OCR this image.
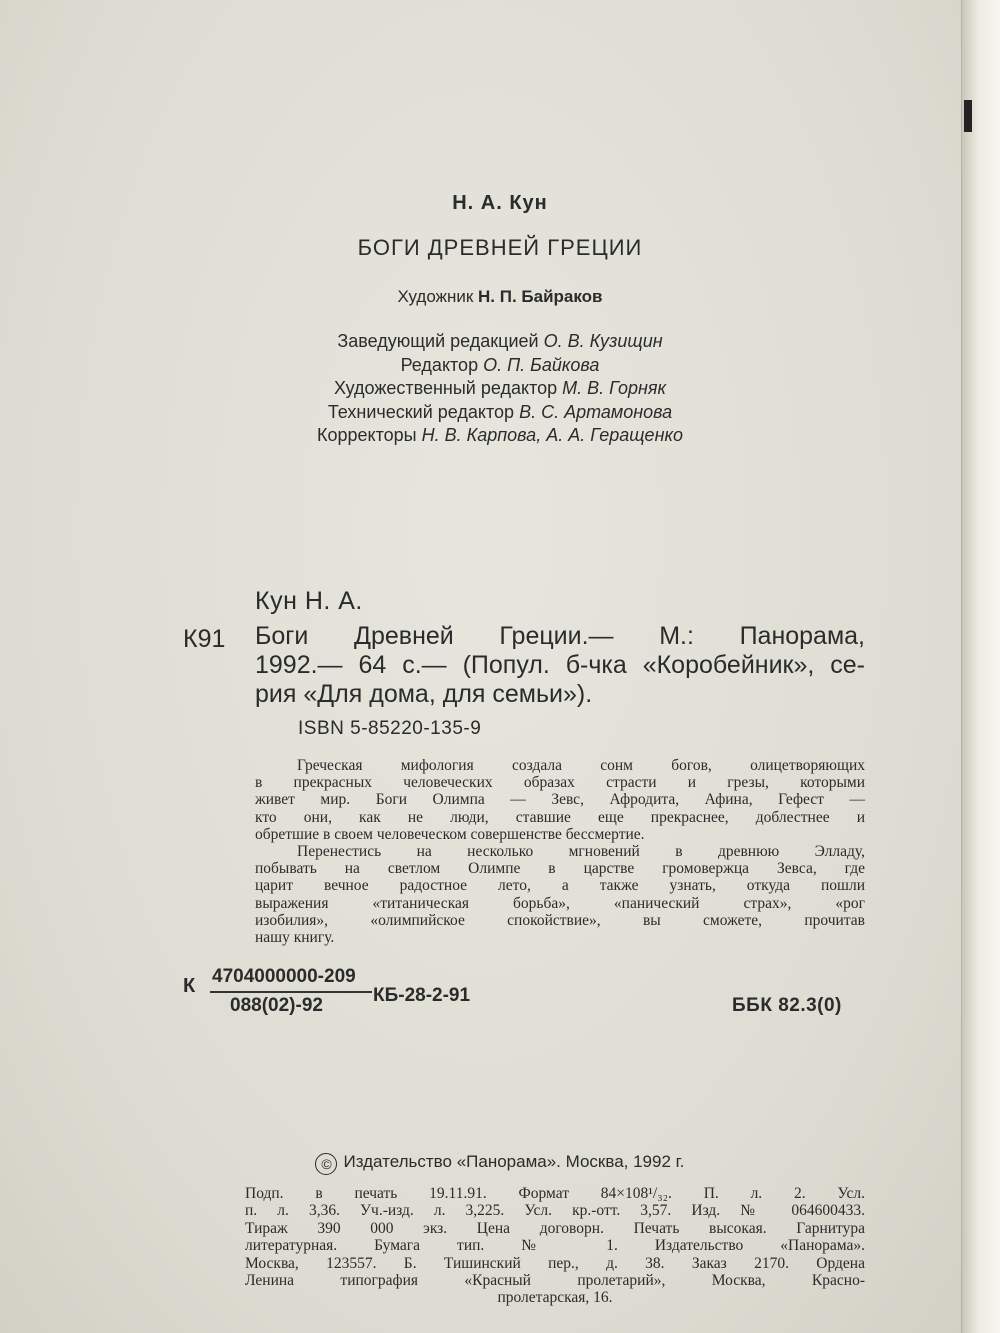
Н. А. Кун
БОГИ ДРЕВНЕЙ ГРЕЦИИ
Художник Н. П. Байраков
Заведующий редакцией О. В. Кузищин
Редактор О. П. Байкова
Художественный редактор М. В. Горняк
Технический редактор В. С. Артамонова
Корректоры Н. В. Карпова, А. А. Геращенко
Кун Н. А.
К91 Боги Древней Греции.— М.: Панорама,
1992.— 64 с.— (Попул. б-чка «Коробейник», се-
рия «Для дома, для семьи»).
ISBN 5-85220-135-9
Греческая мифология создала сонм богов, олицетворяющих
в прекрасных человеческих образах страсти и грезы, которыми
живет мир. Боги Олимпа — Зевс, Афродита, Афина, Гефест —
кто они, как не люди, ставшие еще прекраснее, доблестнее и
обретшие в своем человеческом совершенстве бессмертие.
Перенестись на несколько мгновений в древнюю Элладу,
побывать на светлом Олимпе в царстве громовержца Зевса, где
царит вечное радостное лето, а также узнать, откуда пошли
выражения «титаническая борьба», «панический страх», «рог
изобилия», «олимпийское спокойствие», вы сможете, прочитав
нашу книгу.
К 4704000000-209
088(02)-92	КБ-28-2-91	ББК 82.3(0)
© Издательство «Панорама». Москва, 1992 г.
Подп. в печать 19.11.91. Формат 84×108¹/₃₂. П. л. 2. Усл.
п. л. 3,36. Уч.-изд. л. 3,225. Усл. кр.-отт. 3,57. Изд. № 064600433.
Тираж 390 000 экз. Цена договорн. Печать высокая. Гарнитура
литературная. Бумага тип. № 1. Издательство «Панорама».
Москва, 123557. Б. Тишинский пер., д. 38. Заказ 2170. Ордена
Ленина типография «Красный пролетарий», Москва, Красно-
пролетарская, 16.
